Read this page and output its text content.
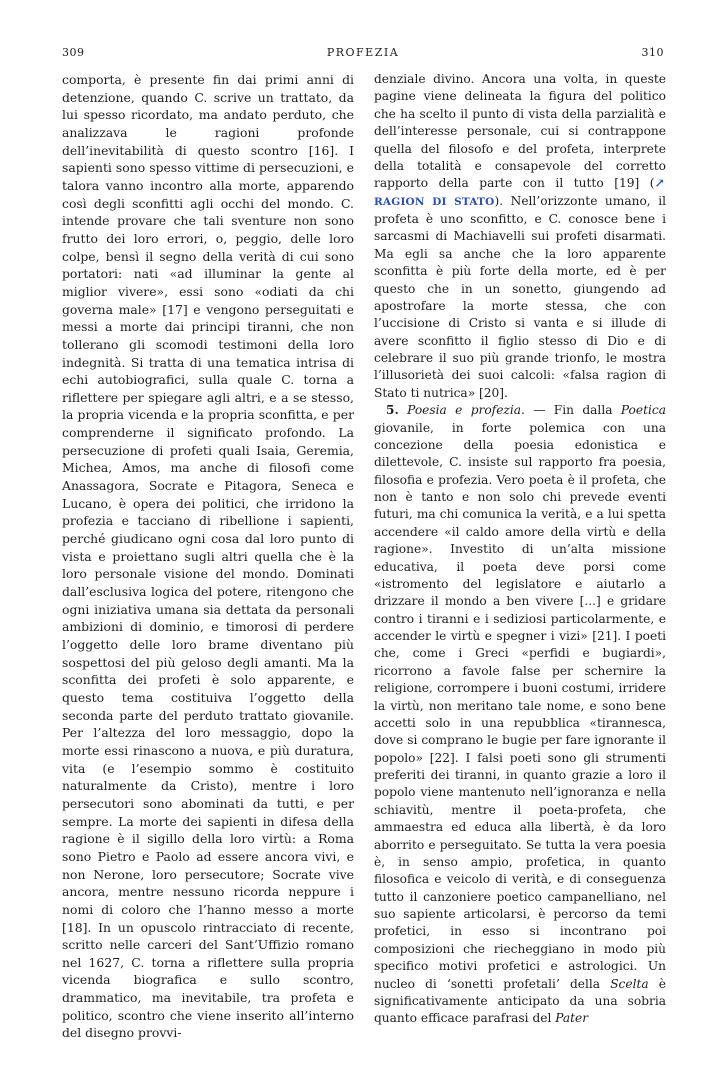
309	PROFEZIA	310

comporta, è presente fin dai primi anni di detenzione, quando C. scrive un trattato, da lui spesso ricordato, ma andato perduto, che analizzava le ragioni profonde dell’inevitabilità di questo scontro [16]. I sapienti sono spesso vittime di persecuzioni, e talora vanno incontro alla morte, apparendo così degli sconfitti agli occhi del mondo. C. intende provare che tali sventure non sono frutto dei loro errori, o, peggio, delle loro colpe, bensì il segno della verità di cui sono portatori: nati «ad illuminar la gente al miglior vivere», essi sono «odiati da chi governa male» [17] e vengono perseguitati e messi a morte dai principi tiranni, che non tollerano gli scomodi testimoni della loro indegnità. Si tratta di una tematica intrisa di echi autobiografici, sulla quale C. torna a riflettere per spiegare agli altri, e a se stesso, la propria vicenda e la propria sconfitta, e per comprenderne il significato profondo. La persecuzione di profeti quali Isaia, Geremia, Michea, Amos, ma anche di filosofi come Anassagora, Socrate e Pitagora, Seneca e Lucano, è opera dei politici, che irridono la profezia e tacciano di ribellione i sapienti, perché giudicano ogni cosa dal loro punto di vista e proiettano sugli altri quella che è la loro personale visione del mondo. Dominati dall’esclusiva logica del potere, ritengono che ogni iniziativa umana sia dettata da personali ambizioni di dominio, e timorosi di perdere l’oggetto delle loro brame diventano più sospettosi del più geloso degli amanti. Ma la sconfitta dei profeti è solo apparente, e questo tema costituiva l’oggetto della seconda parte del perduto trattato giovanile. Per l’altezza del loro messaggio, dopo la morte essi rinascono a nuova, e più duratura, vita (e l’esempio sommo è costituito naturalmente da Cristo), mentre i loro persecutori sono abominati da tutti, e per sempre. La morte dei sapienti in difesa della ragione è il sigillo della loro virtù: a Roma sono Pietro e Paolo ad essere ancora vivi, e non Nerone, loro persecutore; Socrate vive ancora, mentre nessuno ricorda neppure i nomi di coloro che l’hanno messo a morte [18]. In un opuscolo rintracciato di recente, scritto nelle carceri del Sant’Uffizio romano nel 1627, C. torna a riflettere sulla propria vicenda biografica e sullo scontro, drammatico, ma inevitabile, tra profeta e politico, scontro che viene inserito all’interno del disegno provvi-

denziale divino. Ancora una volta, in queste pagine viene delineata la figura del politico che ha scelto il punto di vista della parzialità e dell’interesse personale, cui si contrappone quella del filosofo e del profeta, interprete della totalità e consapevole del corretto rapporto della parte con il tutto [19] (↗ RAGION DI STATO). Nell’orizzonte umano, il profeta è uno sconfitto, e C. conosce bene i sarcasmi di Machiavelli sui profeti disarmati. Ma egli sa anche che la loro apparente sconfitta è più forte della morte, ed è per questo che in un sonetto, giungendo ad apostrofare la morte stessa, che con l’uccisione di Cristo si vanta e si illude di avere sconfitto il figlio stesso di Dio e di celebrare il suo più grande trionfo, le mostra l’illusorietà dei suoi calcoli: «falsa ragion di Stato ti nutrica» [20].

5. Poesia e profezia. — Fin dalla Poetica giovanile, in forte polemica con una concezione della poesia edonistica e dilettevole, C. insiste sul rapporto fra poesia, filosofia e profezia. Vero poeta è il profeta, che non è tanto e non solo chi prevede eventi futuri, ma chi comunica la verità, e a lui spetta accendere «il caldo amore della virtù e della ragione». Investito di un’alta missione educativa, il poeta deve porsi come «istromento del legislatore e aiutarlo a drizzare il mondo a ben vivere [...] e gridare contro i tiranni e i sediziosi particolarmente, e accender le virtù e spegner i vizi» [21]. I poeti che, come i Greci «perfidi e bugiardi», ricorrono a favole false per schernire la religione, corrompere i buoni costumi, irridere la virtù, non meritano tale nome, e sono bene accetti solo in una repubblica «tirannesca, dove si comprano le bugie per fare ignorante il popolo» [22]. I falsi poeti sono gli strumenti preferiti dei tiranni, in quanto grazie a loro il popolo viene mantenuto nell’ignoranza e nella schiavitù, mentre il poeta-profeta, che ammaestra ed educa alla libertà, è da loro aborrito e perseguitato. Se tutta la vera poesia è, in senso ampio, profetica, in quanto filosofica e veicolo di verità, e di conseguenza tutto il canzoniere poetico campanelliano, nel suo sapiente articolarsi, è percorso da temi profetici, in esso si incontrano poi composizioni che riecheggiano in modo più specifico motivi profetici e astrologici. Un nucleo di ‘sonetti profetali’ della Scelta è significativamente anticipato da una sobria quanto efficace parafrasi del Pater
